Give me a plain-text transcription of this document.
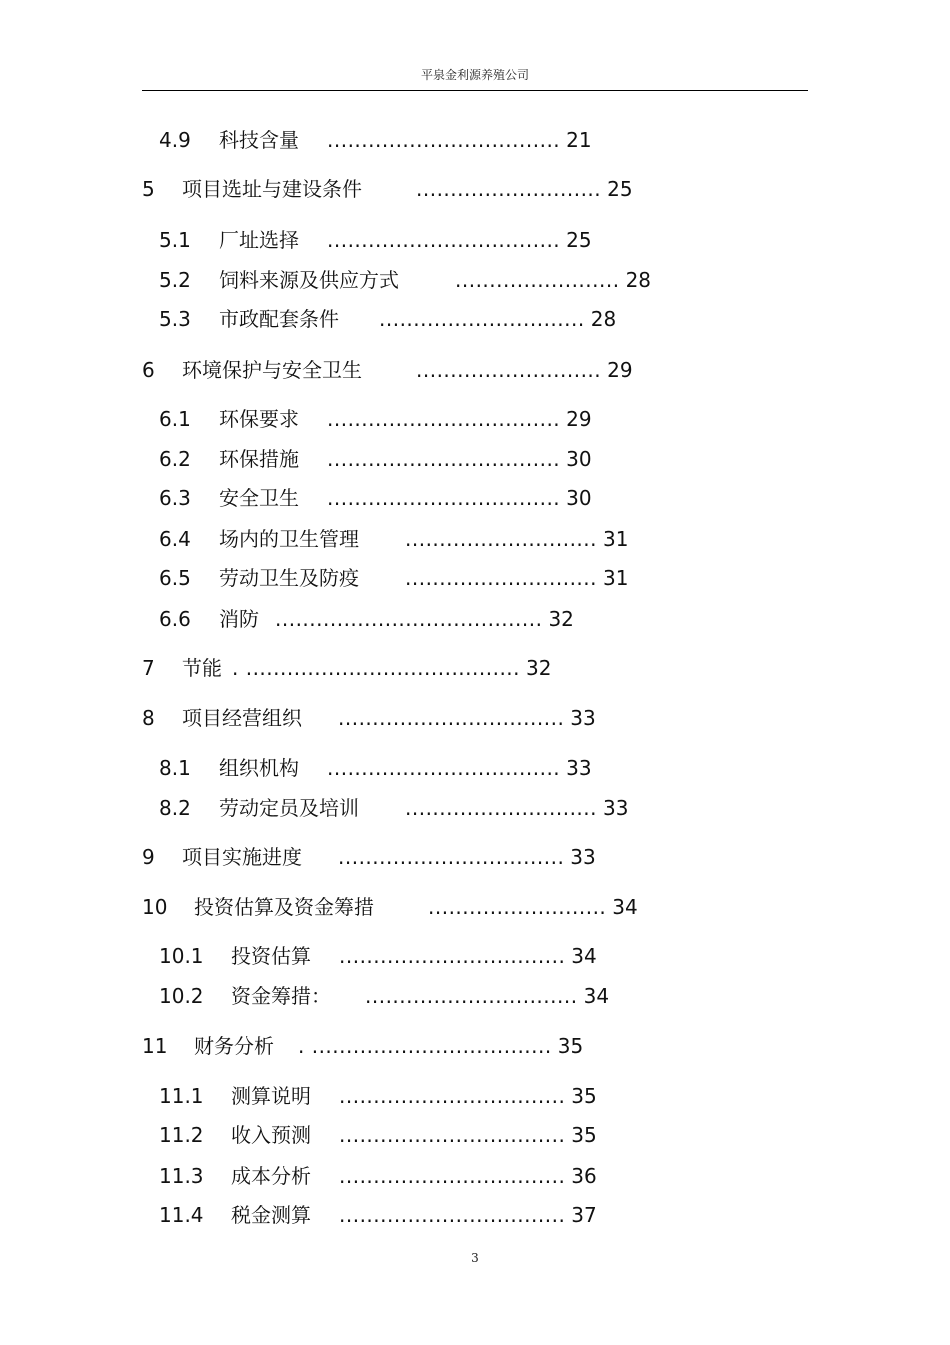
平泉金利源养殖公司
4.9 科技含量 .................................. 21
5 项目选址与建设条件	........................... 25
5.1 厂址选择 .................................. 25
5.2 饲料来源及供应方式	........................ 28
5.3 市政配套条件 .............................. 28
6 环境保护与安全卫生	........................... 29
6.1 环保要求 .................................. 29
6.2 环保措施 .................................. 30
6.3 安全卫生 .................................. 30
6.4 场内的卫生管理 ............................ 31
6.5 劳动卫生及防疫 ............................ 31
6.6 消防 ....................................... 32
7 节能 . ........................................ 32
8 项目经营组织 ................................. 33
8.1 组织机构 .................................. 33
8.2 劳动定员及培训 ............................ 33
9 项目实施进度 ................................. 33
10 投资估算及资金筹措	.......................... 34
10.1 投资估算 ................................. 34
10.2 资金筹措： ............................... 34
11 财务分析 . ................................... 35
11.1 测算说明 ................................. 35
11.2 收入预测 ................................. 35
11.3 成本分析 ................................. 36
11.4 税金测算 ................................. 37
3
